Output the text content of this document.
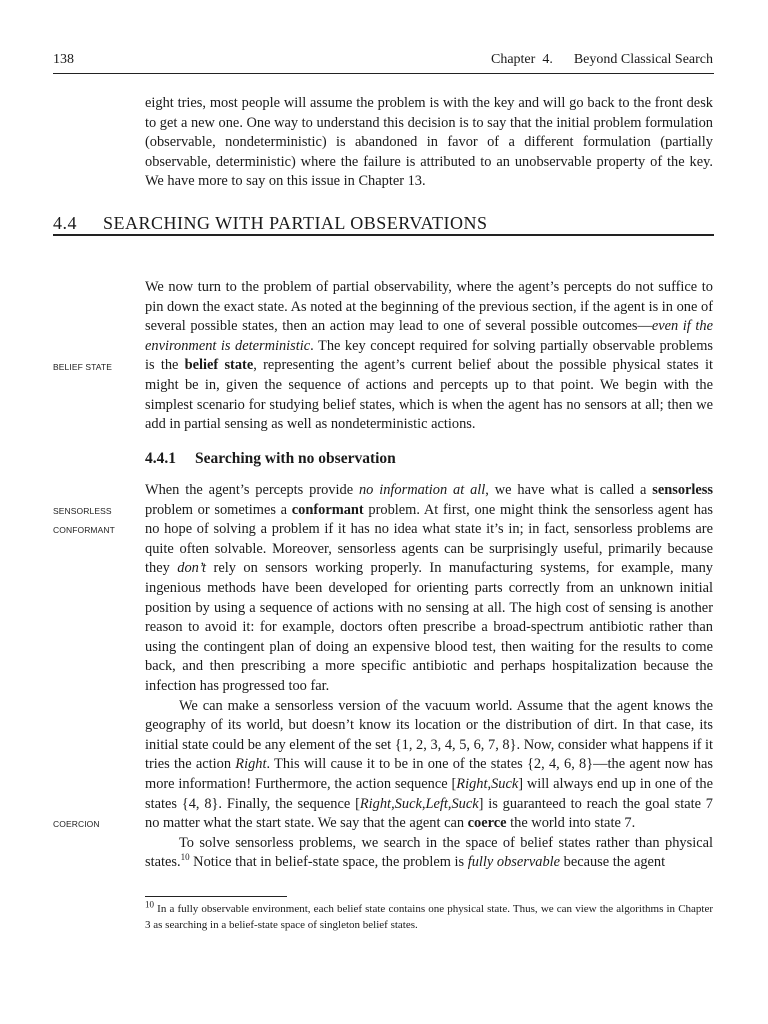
138	Chapter 4. Beyond Classical Search

eight tries, most people will assume the problem is with the key and will go back to the front desk to get a new one. One way to understand this decision is to say that the initial problem formulation (observable, nondeterministic) is abandoned in favor of a different formulation (partially observable, deterministic) where the failure is attributed to an unobservable property of the key. We have more to say on this issue in Chapter 13.

4.4 SEARCHING WITH PARTIAL OBSERVATIONS

We now turn to the problem of partial observability, where the agent’s percepts do not suffice to pin down the exact state. As noted at the beginning of the previous section, if the agent is in one of several possible states, then an action may lead to one of several possible outcomes—even if the environment is deterministic. The key concept required for solving partially observable problems is the belief state, representing the agent’s current belief about the possible physical states it might be in, given the sequence of actions and percepts up to that point. We begin with the simplest scenario for studying belief states, which is when the agent has no sensors at all; then we add in partial sensing as well as nondeterministic actions.

BELIEF STATE
SENSORLESS
CONFORMANT
COERCION
4.4.1 Searching with no observation

When the agent’s percepts provide no information at all, we have what is called a sensorless problem or sometimes a conformant problem. At first, one might think the sensorless agent has no hope of solving a problem if it has no idea what state it’s in; in fact, sensorless problems are quite often solvable. Moreover, sensorless agents can be surprisingly useful, primarily because they don’t rely on sensors working properly. In manufacturing systems, for example, many ingenious methods have been developed for orienting parts correctly from an unknown initial position by using a sequence of actions with no sensing at all. The high cost of sensing is another reason to avoid it: for example, doctors often prescribe a broad-spectrum antibiotic rather than using the contingent plan of doing an expensive blood test, then waiting for the results to come back, and then prescribing a more specific antibiotic and perhaps hospitalization because the infection has progressed too far.

We can make a sensorless version of the vacuum world. Assume that the agent knows the geography of its world, but doesn’t know its location or the distribution of dirt. In that case, its initial state could be any element of the set {1, 2, 3, 4, 5, 6, 7, 8}. Now, consider what happens if it tries the action Right. This will cause it to be in one of the states {2, 4, 6, 8}—the agent now has more information! Furthermore, the action sequence [Right,Suck] will always end up in one of the states {4, 8}. Finally, the sequence [Right,Suck,Left,Suck] is guaranteed to reach the goal state 7 no matter what the start state. We say that the agent can coerce the world into state 7.

To solve sensorless problems, we search in the space of belief states rather than physical states.$^{10}$ Notice that in belief-state space, the problem is fully observable because the agent

$^{10}$ In a fully observable environment, each belief state contains one physical state. Thus, we can view the algorithms in Chapter 3 as searching in a belief-state space of singleton belief states.
